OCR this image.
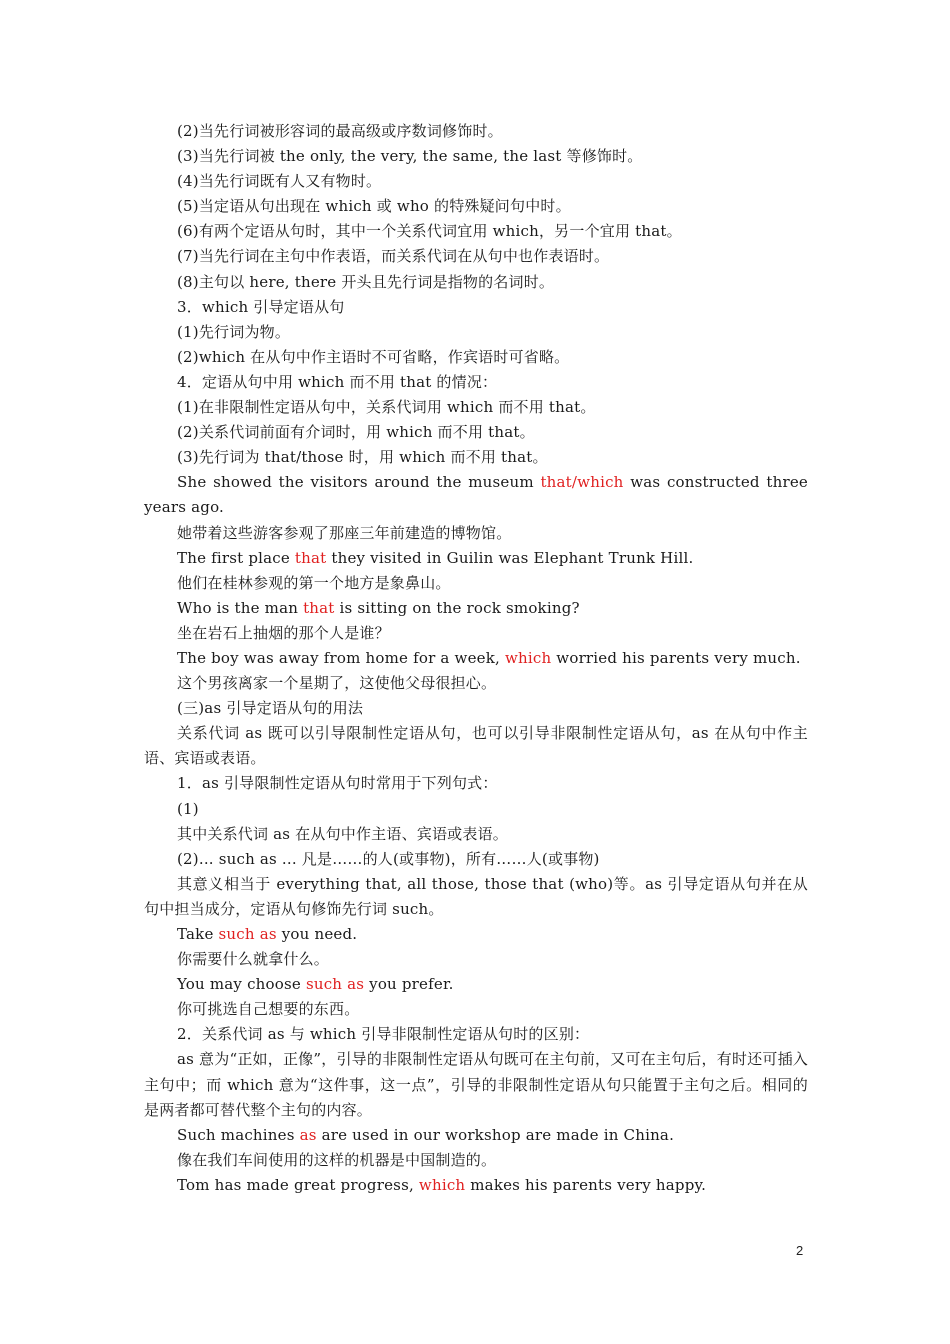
(2)当先行词被形容词的最高级或序数词修饰时。

(3)当先行词被 the only, the very, the same, the last 等修饰时。

(4)当先行词既有人又有物时。

(5)当定语从句出现在 which 或 who 的特殊疑问句中时。

(6)有两个定语从句时，其中一个关系代词宜用 which，另一个宜用 that。

(7)当先行词在主句中作表语，而关系代词在从句中也作表语时。

(8)主句以 here, there 开头且先行词是指物的名词时。

3．which 引导定语从句

(1)先行词为物。

(2)which 在从句中作主语时不可省略，作宾语时可省略。

4．定语从句中用 which 而不用 that 的情况：

(1)在非限制性定语从句中，关系代词用 which 而不用 that。

(2)关系代词前面有介词时，用 which 而不用 that。

(3)先行词为 that/those 时，用 which 而不用 that。

She showed the visitors around the museum that/which was constructed three years ago.

她带着这些游客参观了那座三年前建造的博物馆。

The first place that they visited in Guilin was Elephant Trunk Hill.

他们在桂林参观的第一个地方是象鼻山。

Who is the man that is sitting on the rock smoking?

坐在岩石上抽烟的那个人是谁？

The boy was away from home for a week, which worried his parents very much.

这个男孩离家一个星期了，这使他父母很担心。

(三)as 引导定语从句的用法

关系代词 as 既可以引导限制性定语从句，也可以引导非限制性定语从句，as 在从句中作主语、宾语或表语。

1．as 引导限制性定语从句时常用于下列句式：

(1)

其中关系代词 as 在从句中作主语、宾语或表语。

(2)... such as ... 凡是……的人(或事物)，所有……人(或事物)

其意义相当于 everything that, all those, those that (who)等。as 引导定语从句并在从句中担当成分，定语从句修饰先行词 such。

Take such as you need.

你需要什么就拿什么。

You may choose such as you prefer.

你可挑选自己想要的东西。

2．关系代词 as 与 which 引导非限制性定语从句时的区别：

as 意为“正如，正像”，引导的非限制性定语从句既可在主句前，又可在主句后，有时还可插入主句中；而 which 意为“这件事，这一点”，引导的非限制性定语从句只能置于主句之后。相同的是两者都可替代整个主句的内容。

Such machines as are used in our workshop are made in China.

像在我们车间使用的这样的机器是中国制造的。

Tom has made great progress, which makes his parents very happy.

2
